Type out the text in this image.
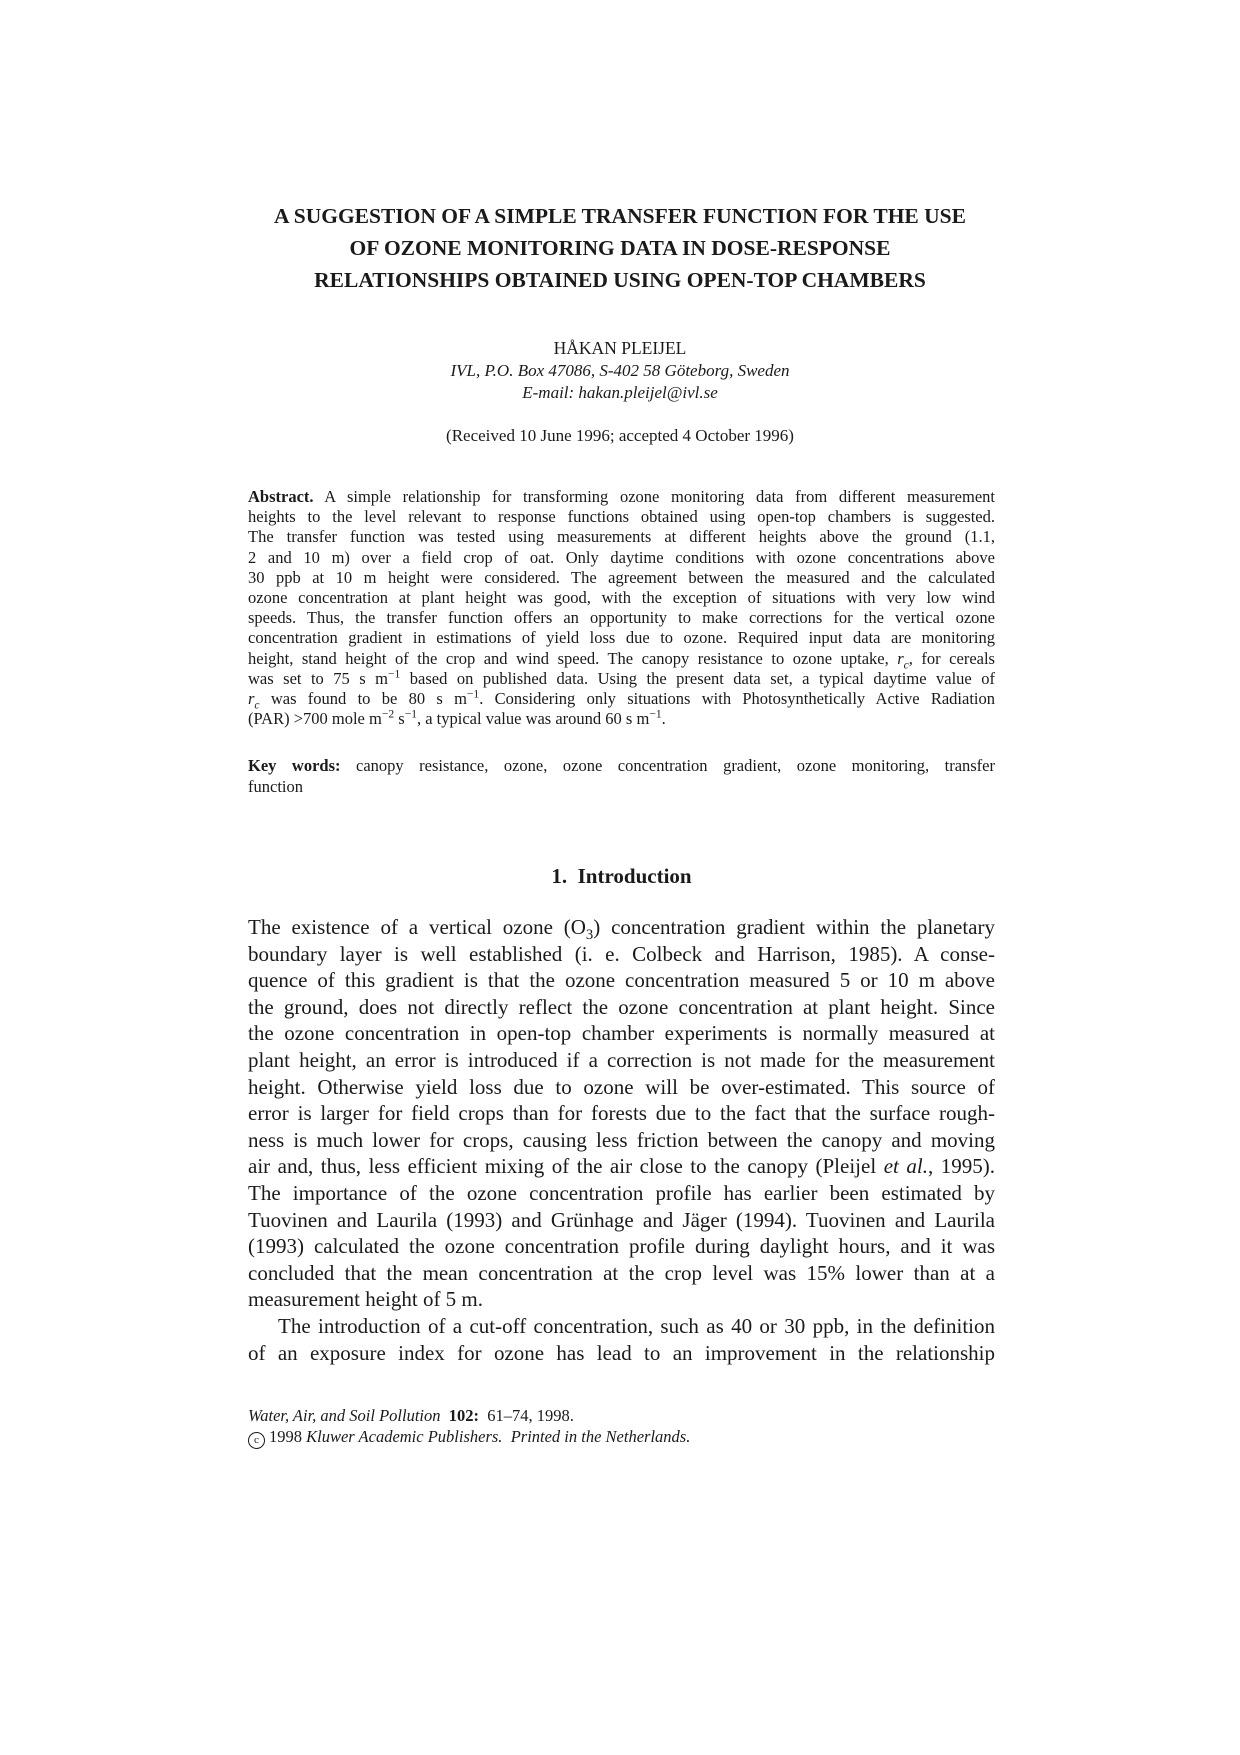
A SUGGESTION OF A SIMPLE TRANSFER FUNCTION FOR THE USE
OF OZONE MONITORING DATA IN DOSE-RESPONSE
RELATIONSHIPS OBTAINED USING OPEN-TOP CHAMBERS
HÅKAN PLEIJEL
IVL, P.O. Box 47086, S-402 58 Göteborg, Sweden
E-mail: hakan.pleijel@ivl.se
(Received 10 June 1996; accepted 4 October 1996)
Abstract. A simple relationship for transforming ozone monitoring data from different measurement
heights to the level relevant to response functions obtained using open-top chambers is suggested.
The transfer function was tested using measurements at different heights above the ground (1.1,
2 and 10 m) over a field crop of oat. Only daytime conditions with ozone concentrations above
30 ppb at 10 m height were considered. The agreement between the measured and the calculated
ozone concentration at plant height was good, with the exception of situations with very low wind
speeds. Thus, the transfer function offers an opportunity to make corrections for the vertical ozone
concentration gradient in estimations of yield loss due to ozone. Required input data are monitoring
height, stand height of the crop and wind speed. The canopy resistance to ozone uptake, $r_c$, for cereals
was set to 75 s $m^{-1}$ based on published data. Using the present data set, a typical daytime value of
$r_c$ was found to be 80 s $m^{-1}$. Considering only situations with Photosynthetically Active Radiation
(PAR) >700 mole $m^{-2}$ $s^{-1}$, a typical value was around 60 s $m^{-1}$.
Key words: canopy resistance, ozone, ozone concentration gradient, ozone monitoring, transfer
function
1. Introduction
The existence of a vertical ozone $(O_3)$ concentration gradient within the planetary
boundary layer is well established (i. e. Colbeck and Harrison, 1985). A conse-
quence of this gradient is that the ozone concentration measured 5 or 10 m above
the ground, does not directly reflect the ozone concentration at plant height. Since
the ozone concentration in open-top chamber experiments is normally measured at
plant height, an error is introduced if a correction is not made for the measurement
height. Otherwise yield loss due to ozone will be over-estimated. This source of
error is larger for field crops than for forests due to the fact that the surface rough-
ness is much lower for crops, causing less friction between the canopy and moving
air and, thus, less efficient mixing of the air close to the canopy (Pleijel et al., 1995).
The importance of the ozone concentration profile has earlier been estimated by
Tuovinen and Laurila (1993) and Grünhage and Jäger (1994). Tuovinen and Laurila
(1993) calculated the ozone concentration profile during daylight hours, and it was
concluded that the mean concentration at the crop level was 15% lower than at a
measurement height of 5 m.
The introduction of a cut-off concentration, such as 40 or 30 ppb, in the definition
of an exposure index for ozone has lead to an improvement in the relationship
Water, Air, and Soil Pollution 102: 61–74, 1998.
c 1998 Kluwer Academic Publishers. Printed in the Netherlands.
